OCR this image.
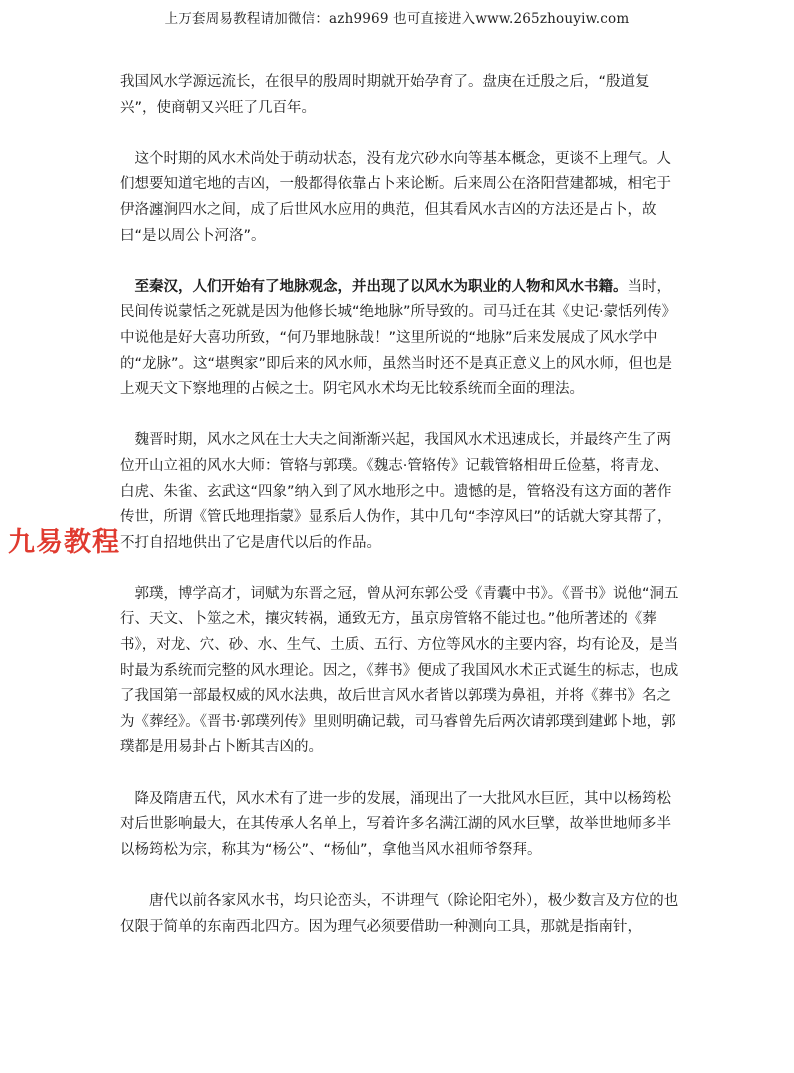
上万套周易教程请加微信：azh9969 也可直接进入www.265zhouyiw.com

我国风水学源远流长，在很早的殷周时期就开始孕育了。盘庚在迁殷之后，“殷道复兴”，使商朝又兴旺了几百年。

　这个时期的风水术尚处于萌动状态，没有龙穴砂水向等基本概念，更谈不上理气。人们想要知道宅地的吉凶，一般都得依靠占卜来论断。后来周公在洛阳营建都城，相宅于伊洛瀍涧四水之间，成了后世风水应用的典范，但其看风水吉凶的方法还是占卜，故曰“是以周公卜河洛”。

　至秦汉，人们开始有了地脉观念，并出现了以风水为职业的人物和风水书籍。当时，民间传说蒙恬之死就是因为他修长城“绝地脉”所导致的。司马迁在其《史记·蒙恬列传》中说他是好大喜功所致，“何乃罪地脉哉！”这里所说的“地脉”后来发展成了风水学中的“龙脉”。这“堪舆家”即后来的风水师，虽然当时还不是真正意义上的风水师，但也是上观天文下察地理的占候之士。阴宅风水术均无比较系统而全面的理法。

　魏晋时期，风水之风在士大夫之间渐渐兴起，我国风水术迅速成长，并最终产生了两位开山立祖的风水大师：管辂与郭璞。《魏志·管辂传》记载管辂相毌丘俭墓，将青龙、白虎、朱雀、玄武这“四象”纳入到了风水地形之中。遗憾的是，管辂没有这方面的著作传世，所谓《管氏地理指蒙》显系后人伪作，其中几句“李淳风曰”的话就大穿其帮了，不打自招地供出了它是唐代以后的作品。

　郭璞，博学高才，词赋为东晋之冠，曾从河东郭公受《青囊中书》。《晋书》说他“洞五行、天文、卜筮之术，攘灾转祸，通致无方，虽京房管辂不能过也。”他所著述的《葬书》，对龙、穴、砂、水、生气、土质、五行、方位等风水的主要内容，均有论及，是当时最为系统而完整的风水理论。因之，《葬书》便成了我国风水术正式诞生的标志，也成了我国第一部最权威的风水法典，故后世言风水者皆以郭璞为鼻祖，并将《葬书》名之为《葬经》。《晋书·郭璞列传》里则明确记载，司马睿曾先后两次请郭璞到建邺卜地，郭璞都是用易卦占卜断其吉凶的。

　降及隋唐五代，风水术有了进一步的发展，涌现出了一大批风水巨匠，其中以杨筠松对后世影响最大，在其传承人名单上，写着许多名满江湖的风水巨擘，故举世地师多半以杨筠松为宗，称其为“杨公”、“杨仙”，拿他当风水祖师爷祭拜。

　　唐代以前各家风水书，均只论峦头，不讲理气（除论阳宅外），极少数言及方位的也仅限于简单的东南西北四方。因为理气必须要借助一种测向工具，那就是指南针，

九易教程
